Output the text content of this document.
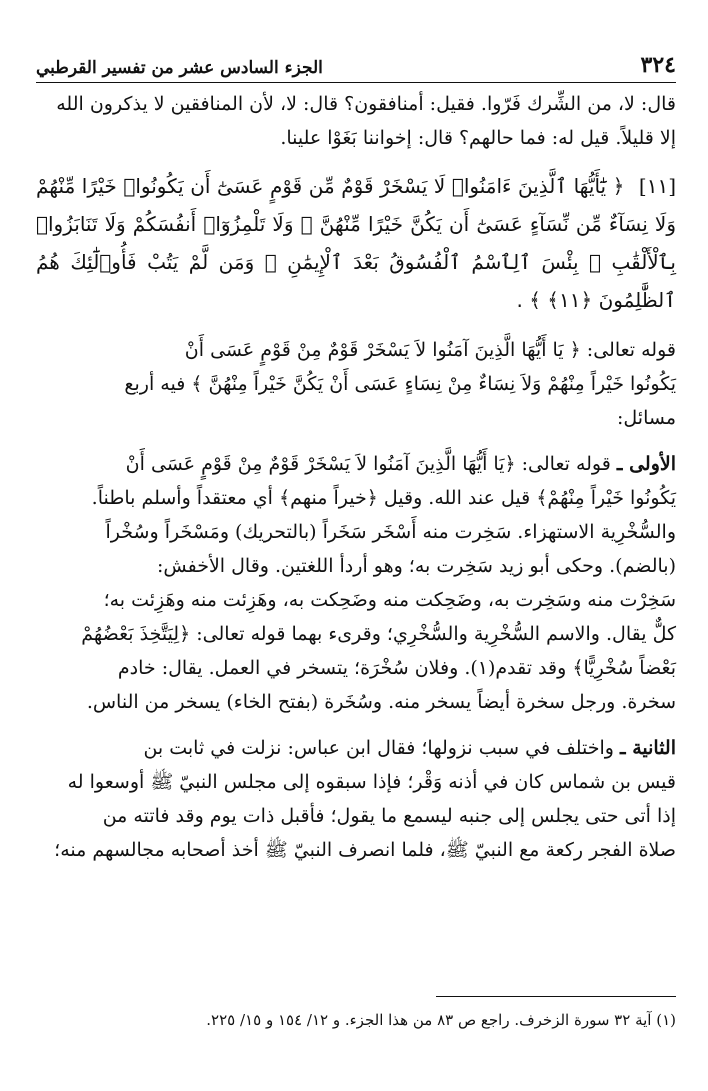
٣٢٤
الجزء السادس عشر من تفسير القرطبي

قال: لا، من الشِّرك فَرّوا. فقيل: أمنافقون؟ قال: لا، لأن المنافقين لا يذكرون الله

إلا قليلاً. قيل له: فما حالهم؟ قال: إخواننا بَغَوْا علينا.

[١١] ﴿ يَٰٓأَيُّهَا ٱلَّذِينَ ءَامَنُوا۟ لَا يَسْخَرْ قَوْمٌ مِّن قَوْمٍ عَسَىٰٓ أَن يَكُونُوا۟ خَيْرًا مِّنْهُمْ وَلَا نِسَآءٌ مِّن نِّسَآءٍ عَسَىٰٓ أَن يَكُنَّ خَيْرًا مِّنْهُنَّ ۖ وَلَا تَلْمِزُوٓا۟ أَنفُسَكُمْ وَلَا تَنَابَزُوا۟ بِٱلْأَلْقَٰبِ ۖ بِئْسَ ٱلِٱسْمُ ٱلْفُسُوقُ بَعْدَ ٱلْإِيمَٰنِ ۚ وَمَن لَّمْ يَتُبْ فَأُو۟لَٰٓئِكَ هُمُ ٱلظَّٰلِمُونَ ﴿١١﴾ ﴾ .

قوله تعالى: ﴿ يَا أَيُّهَا الَّذِينَ آمَنُوا لاَ يَسْخَرْ قَوْمٌ مِنْ قَوْمٍ عَسَى أَنْ

يَكُونُوا خَيْراً مِنْهُمْ وَلاَ نِسَاءٌ مِنْ نِسَاءٍ عَسَى أَنْ يَكُنَّ خَيْراً مِنْهُنَّ ﴾ فيه أربع

مسائل:

الأولى ـ قوله تعالى: ﴿يَا أَيُّهَا الَّذِينَ آمَنُوا لاَ يَسْخَرْ قَوْمٌ مِنْ قَوْمٍ عَسَى أَنْ

يَكُونُوا خَيْراً مِنْهُمْ﴾ قيل عند الله. وقيل ﴿خيراً منهم﴾ أي معتقداً وأسلم باطناً.

والسُّخْرِية الاستهزاء. سَخِرت منه أَسْخَر سَخَراً (بالتحريك) ومَسْخَراً وسُخْراً

(بالضم). وحكى أبو زيد سَخِرت به؛ وهو أردأ اللغتين. وقال الأخفش:

سَخِرْت منه وسَخِرت به، وضَحِكت منه وضَحِكت به، وهَزِئت منه وهَزِئت به؛

كلٌّ يقال. والاسم السُّخْرِية والسُّخْرِي؛ وقرىء بهما قوله تعالى: ﴿لِيَتَّخِذَ بَعْضُهُمْ

بَعْضاً سُخْرِيًّا﴾ وقد تقدم(١). وفلان سُخْرَة؛ يتسخر في العمل. يقال: خادم

سخرة. ورجل سخرة أيضاً يسخر منه. وسُخَرة (بفتح الخاء) يسخر من الناس.

الثانية ـ واختلف في سبب نزولها؛ فقال ابن عباس: نزلت في ثابت بن

قيس بن شماس كان في أذنه وَقْر؛ فإذا سبقوه إلى مجلس النبيّ ﷺ أوسعوا له

إذا أتى حتى يجلس إلى جنبه ليسمع ما يقول؛ فأقبل ذات يوم وقد فاتته من

صلاة الفجر ركعة مع النبيّ ﷺ، فلما انصرف النبيّ ﷺ أخذ أصحابه مجالسهم منه؛

(١) آية ٣٢ سورة الزخرف. راجع ص ٨٣ من هذا الجزء. و ١٢/ ١٥٤ و ١٥/ ٢٢٥.
